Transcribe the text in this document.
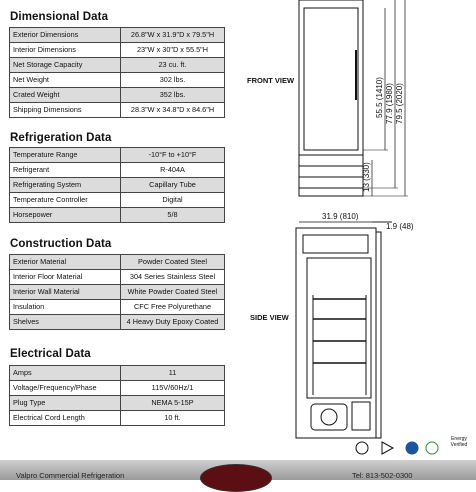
Dimensional Data
Exterior Dimensions	26.8"W x 31.9"D x 79.5"H
Interior Dimensions	23"W x 30"D x 55.5"H
Net Storage Capacity	23 cu. ft.
Net Weight	302 lbs.
Crated Weight	352 lbs.
Shipping Dimensions	28.3"W x 34.8"D x 84.6"H
Refrigeration Data
Temperature Range	-10°F to +10°F
Refrigerant	R-404A
Refrigerating System	Capillary Tube
Temperature Controller	Digital
Horsepower	5/8
Construction Data
Exterior Material	Powder Coated Steel
Interior Floor Material	304 Series Stainless Steel
Interior Wall Material	White Powder Coated Steel
Insulation	CFC Free Polyurethane
Shelves	4 Heavy Duty Epoxy Coated
Electrical Data
Amps	11
Voltage/Frequency/Phase	115V/60Hz/1
Plug Type	NEMA 5-15P
Electrical Cord Length	10 ft.
55.5 (1410) 77.9 (1980) 79.5 (2020)
13 (330)
31.9 (810)
1.9 (48)
FRONT VIEW
SIDE VIEW
Energy Verified
Valpro Commercial Refrigeration	Tel: 813-502-0300
